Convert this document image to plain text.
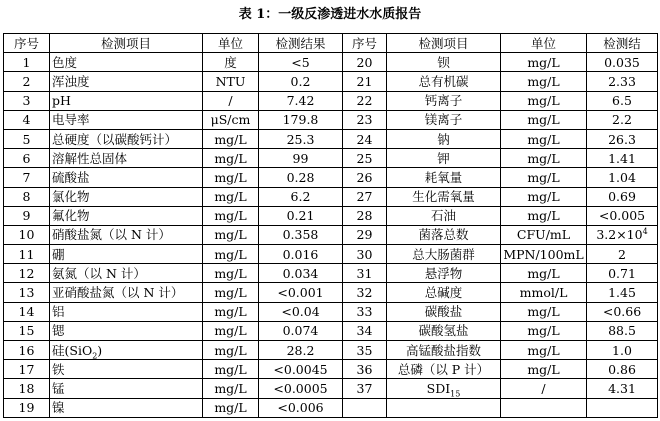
表 1：一级反渗透进水水质报告
序号	检测项目	单位	检测结果	序号	检测项目	单位	检测结
1	色度	度	<5	20	钡	mg/L	0.035
2	浑浊度	NTU	0.2	21	总有机碳	mg/L	2.33
3	pH	/	7.42	22	钙离子	mg/L	6.5
4	电导率	μS/cm	179.8	23	镁离子	mg/L	2.2
5	总硬度（以碳酸钙计）	mg/L	25.3	24	钠	mg/L	26.3
6	溶解性总固体	mg/L	99	25	钾	mg/L	1.41
7	硫酸盐	mg/L	0.28	26	耗氧量	mg/L	1.04
8	氯化物	mg/L	6.2	27	生化需氧量	mg/L	0.69
9	氟化物	mg/L	0.21	28	石油	mg/L	<0.005
10	硝酸盐氮（以 N 计）	mg/L	0.358	29	菌落总数	CFU/mL	$3.2\times 10^4$
11	硼	mg/L	0.016	30	总大肠菌群	MPN/100mL	2
12	氨氮（以 N 计）	mg/L	0.034	31	悬浮物	mg/L	0.71
13	亚硝酸盐氮（以 N 计）	mg/L	<0.001	32	总碱度	mmol/L	1.45
14	铝	mg/L	<0.04	33	碳酸盐	mg/L	<0.66
15	锶	mg/L	0.074	34	碳酸氢盐	mg/L	88.5
16	硅(SiO$_2$)	mg/L	28.2	35	高锰酸盐指数	mg/L	1.0
17	铁	mg/L	<0.0045	36	总磷（以 P 计）	mg/L	0.86
18	锰	mg/L	<0.0005	37	$SDI_{15}$	/	4.31
19	镍	mg/L	<0.006				
